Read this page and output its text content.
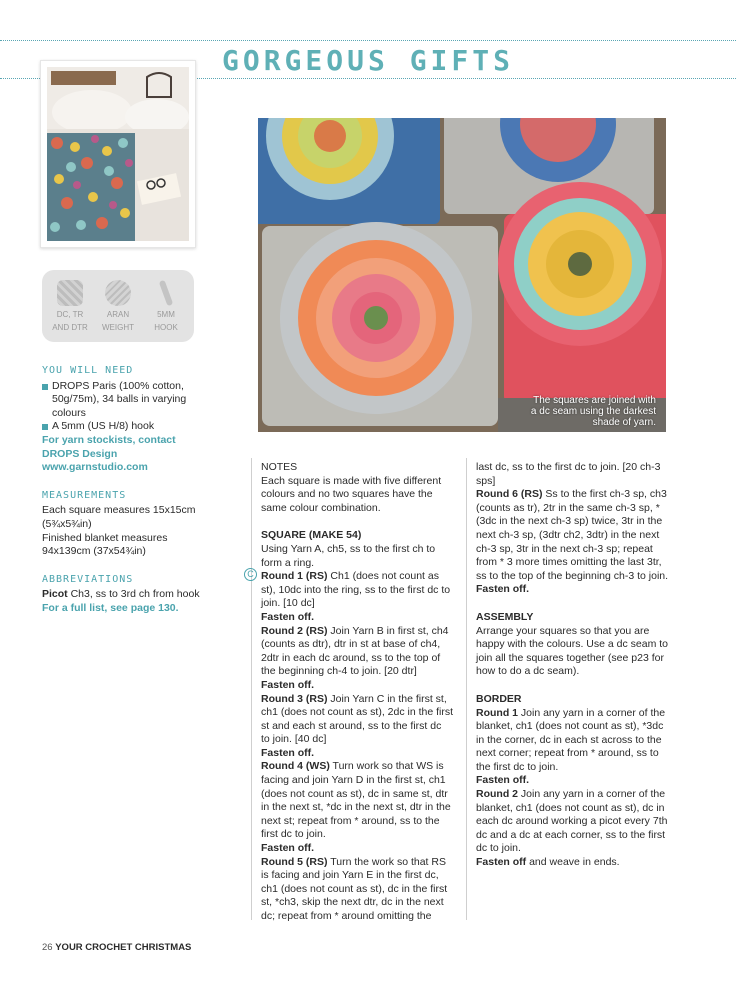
GORGEOUS GIFTS
DC, TR
AND DTR
ARAN
WEIGHT
5MM
HOOK
YOU WILL NEED
DROPS Paris (100% cotton, 50g/75m), 34 balls in varying colours
A 5mm (US H/8) hook
For yarn stockists, contact DROPS Design www.garnstudio.com
MEASUREMENTS
Each square measures 15x15cm (5¾x5¾in)
Finished blanket measures 94x139cm (37x54¾in)
ABBREVIATIONS
Picot Ch3, ss to 3rd ch from hook
For a full list, see page 130.
The squares are joined with a dc seam using the darkest shade of yarn.
C
NOTES
Each square is made with five different colours and no two squares have the same colour combination.
SQUARE (MAKE 54)
Using Yarn A, ch5, ss to the first ch to form a ring.
Round 1 (RS) Ch1 (does not count as st), 10dc into the ring, ss to the first dc to join. [10 dc]
Fasten off.
Round 2 (RS) Join Yarn B in first st, ch4 (counts as dtr), dtr in st at base of ch4, 2dtr in each dc around, ss to the top of the beginning ch-4 to join. [20 dtr]
Fasten off.
Round 3 (RS) Join Yarn C in the first st, ch1 (does not count as st), 2dc in the first st and each st around, ss to the first dc to join. [40 dc]
Fasten off.
Round 4 (WS) Turn work so that WS is facing and join Yarn D in the first st, ch1 (does not count as st), dc in same st, dtr in the next st, *dc in the next st, dtr in the next st; repeat from * around, ss to the first dc to join.
Fasten off.
Round 5 (RS) Turn the work so that RS is facing and join Yarn E in the first dc, ch1 (does not count as st), dc in the first st, *ch3, skip the next dtr, dc in the next dc; repeat from * around omitting the
last dc, ss to the first dc to join. [20 ch-3 sps]
Round 6 (RS) Ss to the first ch-3 sp, ch3 (counts as tr), 2tr in the same ch-3 sp, *(3dc in the next ch-3 sp) twice, 3tr in the next ch-3 sp, (3dtr ch2, 3dtr) in the next ch-3 sp, 3tr in the next ch-3 sp; repeat from * 3 more times omitting the last 3tr, ss to the top of the beginning ch-3 to join.
Fasten off.
ASSEMBLY
Arrange your squares so that you are happy with the colours. Use a dc seam to join all the squares together (see p23 for how to do a dc seam).
BORDER
Round 1 Join any yarn in a corner of the blanket, ch1 (does not count as st), *3dc in the corner, dc in each st across to the next corner; repeat from * around, ss to the first dc to join.
Fasten off.
Round 2 Join any yarn in a corner of the blanket, ch1 (does not count as st), dc in each dc around working a picot every 7th dc and a dc at each corner, ss to the first dc to join.
Fasten off and weave in ends.
26 YOUR CROCHET CHRISTMAS
